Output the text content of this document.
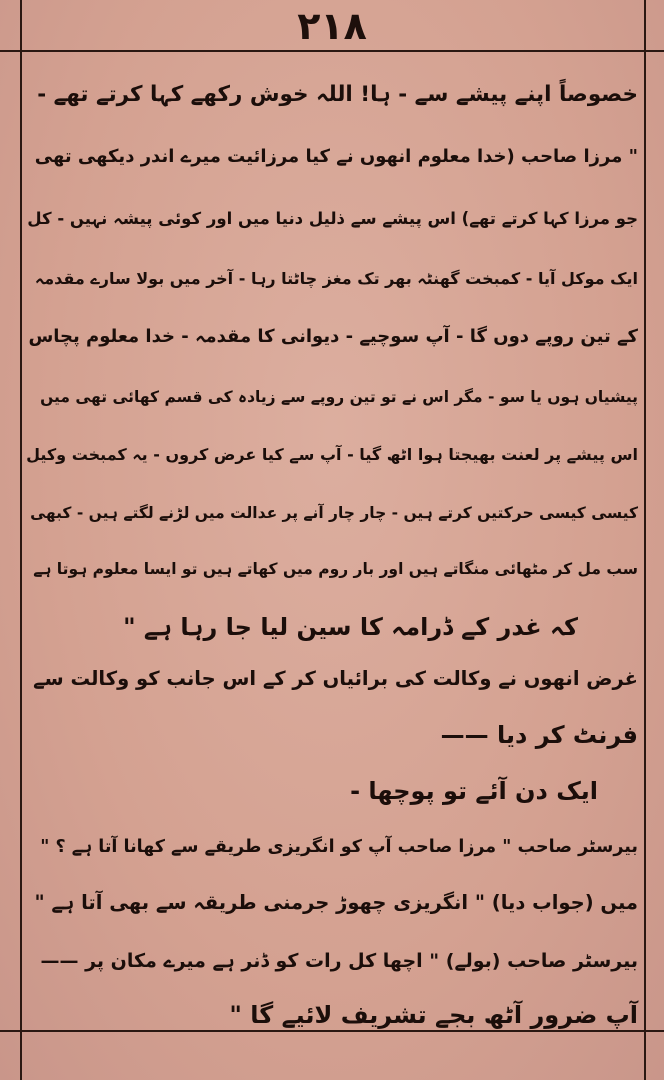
۲۱۸
خصوصاً اپنے پیشے سے - ہا! اللہ خوش رکھے کہا کرتے تھے -
" مرزا صاحب (خدا معلوم انھوں نے کیا مرزائیت میرے اندر دیکھی تھی
جو مرزا کہا کرتے تھے) اس پیشے سے ذلیل دنیا میں اور کوئی پیشہ نہیں - کل
ایک موکل آیا - کمبخت گھنٹہ بھر تک مغز چاٹتا رہا - آخر میں بولا سارے مقدمہ
کے تین روپے دوں گا - آپ سوچیے - دیوانی کا مقدمہ - خدا معلوم پچاس
پیشیاں ہوں یا سو - مگر اس نے تو تین روپے سے زیادہ کی قسم کھائی تھی میں
اس پیشے پر لعنت بھیجتا ہوا اٹھ گیا - آپ سے کیا عرض کروں - یہ کمبخت وکیل
کیسی کیسی حرکتیں کرتے ہیں - چار چار آنے پر عدالت میں لڑنے لگتے ہیں - کبھی
سب مل کر مٹھائی منگاتے ہیں اور بار روم میں کھاتے ہیں تو ایسا معلوم ہوتا ہے
کہ غدر کے ڈرامہ کا سین لیا جا رہا ہے "
غرض انھوں نے وکالت کی برائیاں کر کے اس جانب کو وکالت سے
فرنٹ کر دیا ——
ایک دن آئے تو پوچھا -
بیرسٹر صاحب " مرزا صاحب آپ کو انگریزی طریقے سے کھانا آتا ہے ؟ "
میں (جواب دیا) " انگریزی چھوڑ جرمنی طریقہ سے بھی آتا ہے "
بیرسٹر صاحب (بولے) " اچھا کل رات کو ڈنر ہے میرے مکان پر ——
آپ ضرور آٹھ بجے تشریف لائیے گا "
